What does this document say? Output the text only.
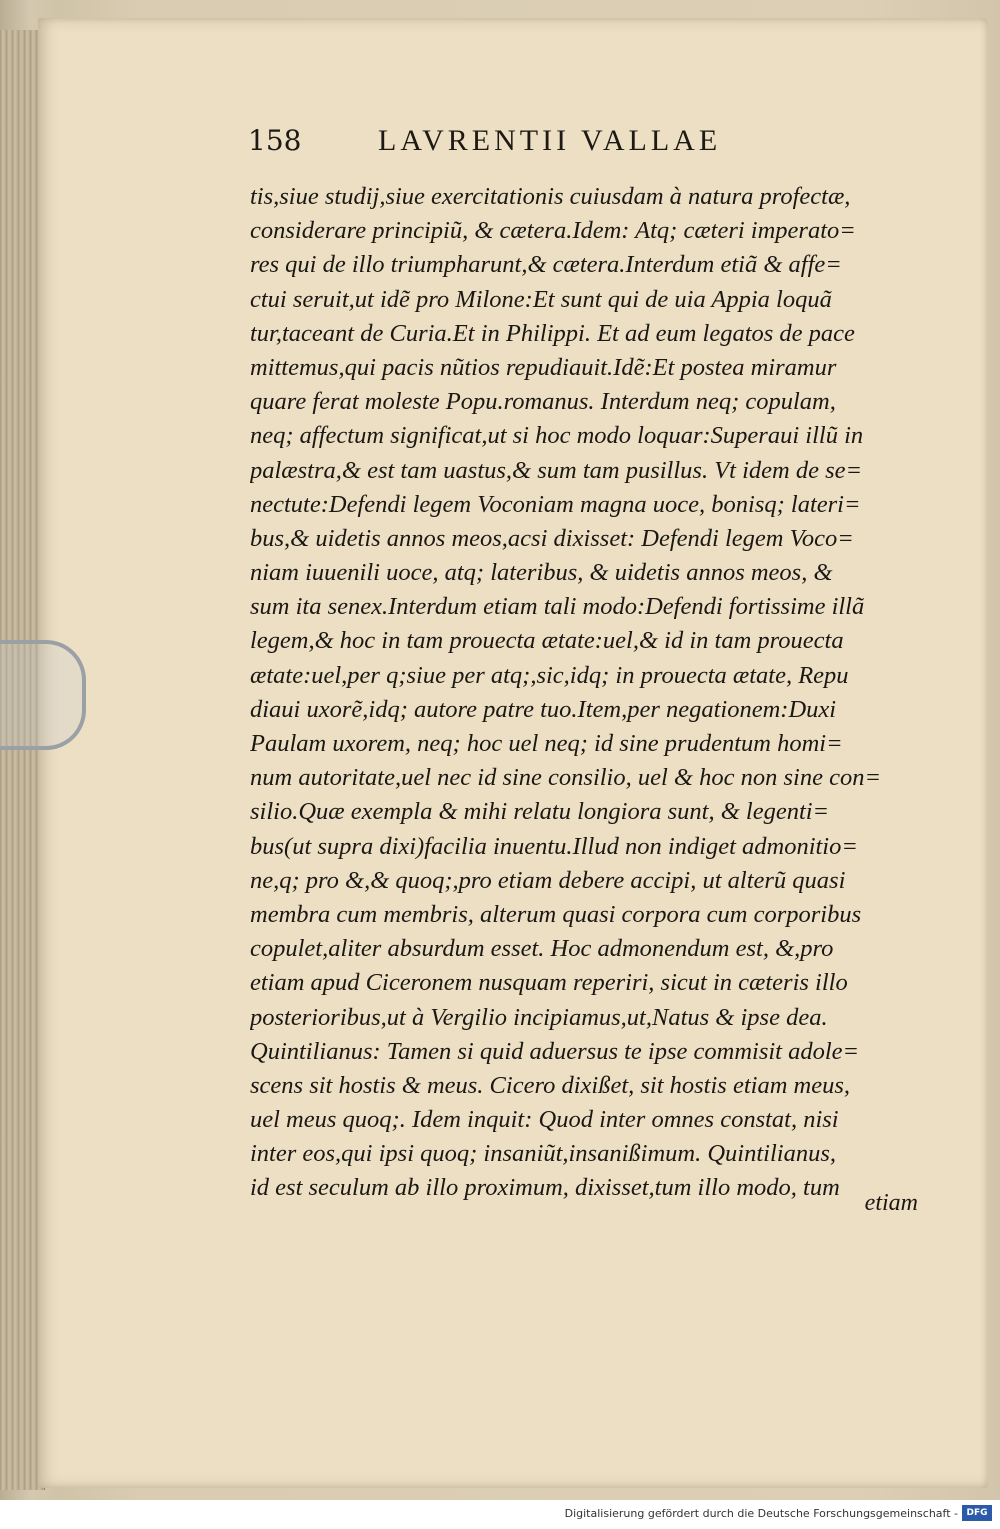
158	LAVRENTII VALLAE
tis,siue studij,siue exercitationis cuiusdam à natura profectæ,
considerare principiũ, & cætera.Idem: Atq; cæteri imperato=
res qui de illo triumpharunt,& cætera.Interdum etiã & affe=
ctui seruit,ut idẽ pro Milone:Et sunt qui de uia Appia loquã
tur,taceant de Curia.Et in Philippi. Et ad eum legatos de pace
mittemus,qui pacis nũtios repudiauit.Idẽ:Et postea miramur
quare ferat moleste Popu.romanus. Interdum neq; copulam,
neq; affectum significat,ut si hoc modo loquar:Superaui illũ in
palæstra,& est tam uastus,& sum tam pusillus. Vt idem de se=
nectute:Defendi legem Voconiam magna uoce, bonisq; lateri=
bus,& uidetis annos meos,acsi dixisset: Defendi legem Voco=
niam iuuenili uoce, atq; lateribus, & uidetis annos meos, &
sum ita senex.Interdum etiam tali modo:Defendi fortissime illã
legem,& hoc in tam prouecta ætate:uel,& id in tam prouecta
ætate:uel,per q;siue per atq;,sic,idq; in prouecta ætate, Repu
diaui uxorẽ,idq; autore patre tuo.Item,per negationem:Duxi
Paulam uxorem, neq; hoc uel neq; id sine prudentum homi=
num autoritate,uel nec id sine consilio, uel & hoc non sine con=
silio.Quæ exempla & mihi relatu longiora sunt, & legenti=
bus(ut supra dixi)facilia inuentu.Illud non indiget admonitio=
ne,q; pro &,& quoq;,pro etiam debere accipi, ut alterũ quasi
membra cum membris, alterum quasi corpora cum corporibus
copulet,aliter absurdum esset. Hoc admonendum est, &,pro
etiam apud Ciceronem nusquam reperiri, sicut in cæteris illo
posterioribus,ut à Vergilio incipiamus,ut,Natus & ipse dea.
Quintilianus: Tamen si quid aduersus te ipse commisit adole=
scens sit hostis & meus. Cicero dixißet, sit hostis etiam meus,
uel meus quoq;. Idem inquit: Quod inter omnes constat, nisi
inter eos,qui ipsi quoq; insaniũt,insanißimum. Quintilianus,
id est seculum ab illo proximum, dixisset,tum illo modo, tum
etiam
Digitalisierung gefördert durch die Deutsche Forschungsgemeinschaft - DFG
